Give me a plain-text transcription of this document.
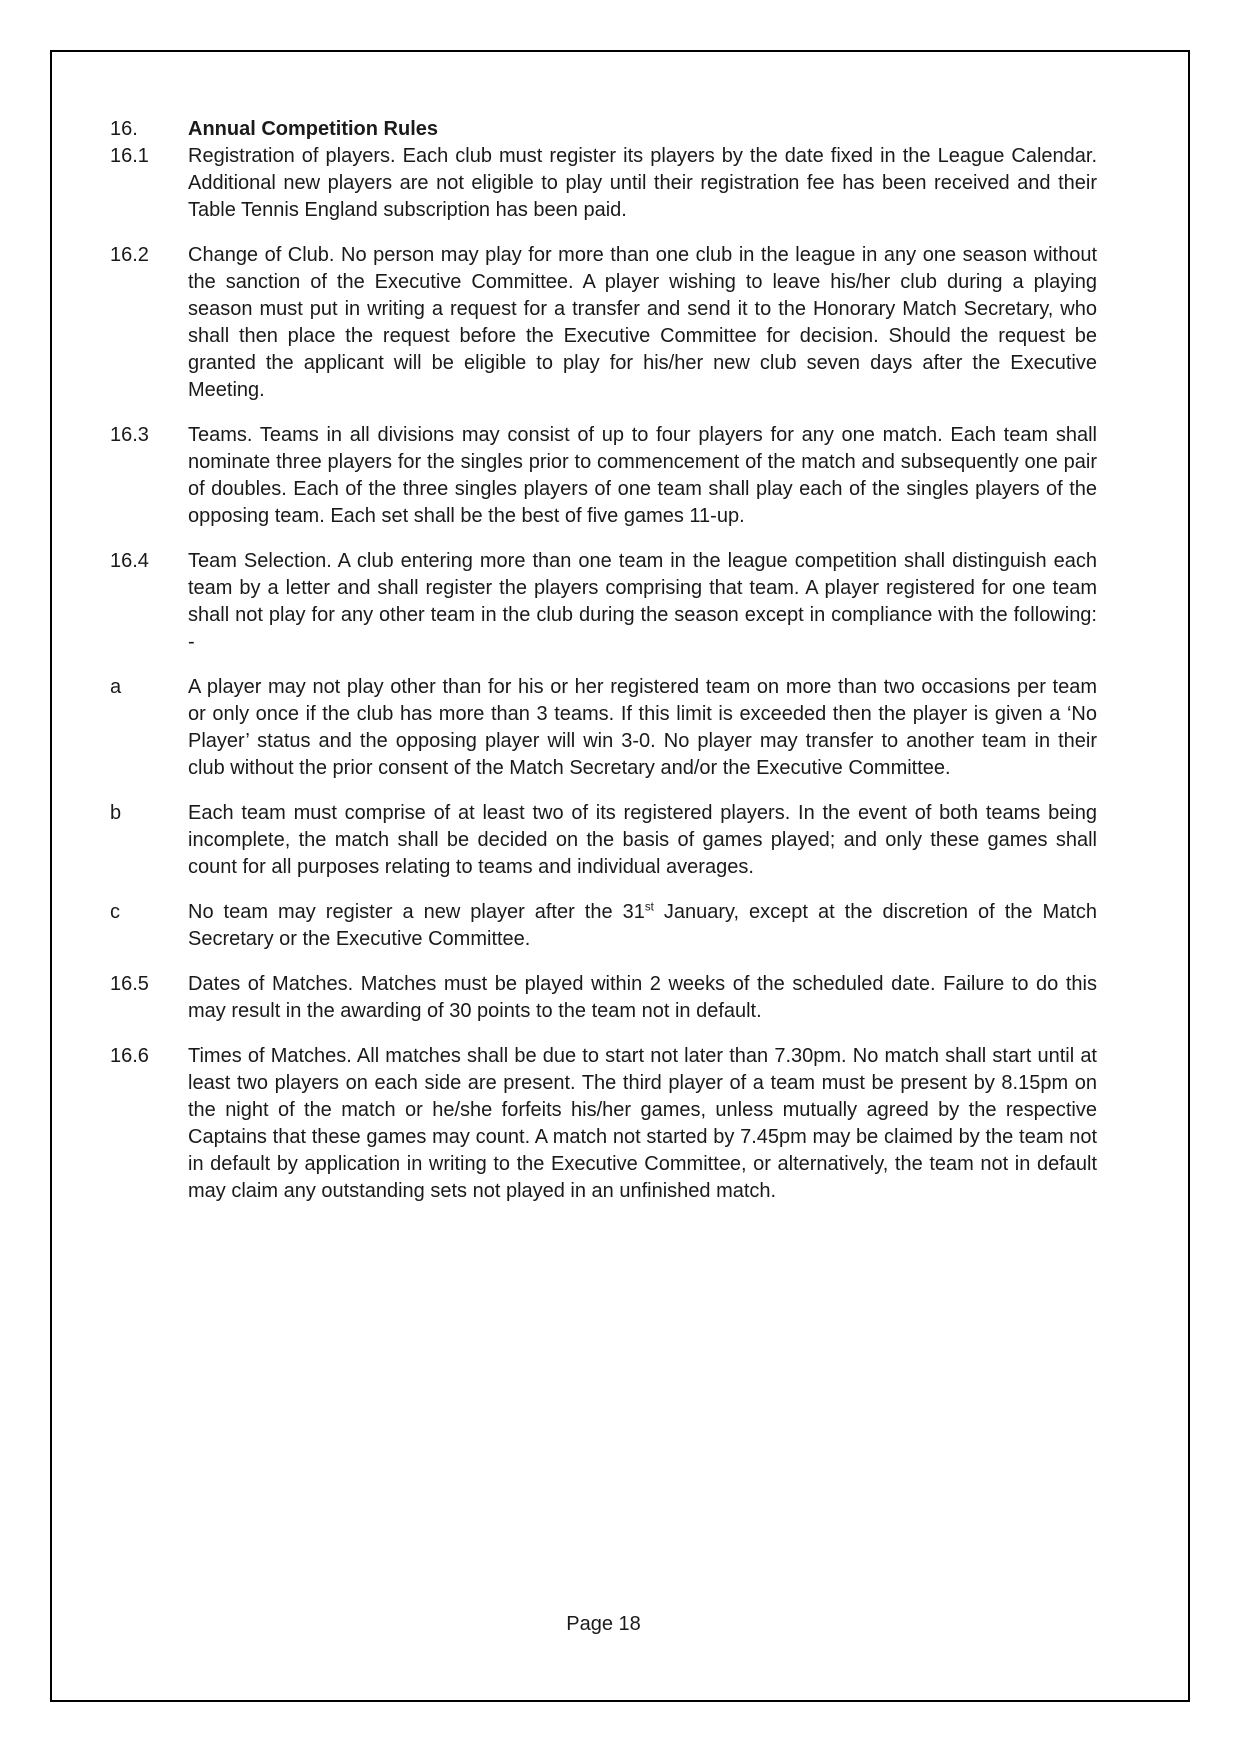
16.	Annual Competition Rules
16.1	Registration of players. Each club must register its players by the date fixed in the League Calendar. Additional new players are not eligible to play until their registration fee has been received and their Table Tennis England subscription has been paid.
16.2	Change of Club. No person may play for more than one club in the league in any one season without the sanction of the Executive Committee. A player wishing to leave his/her club during a playing season must put in writing a request for a transfer and send it to the Honorary Match Secretary, who shall then place the request before the Executive Committee for decision. Should the request be granted the applicant will be eligible to play for his/her new club seven days after the Executive Meeting.
16.3	Teams. Teams in all divisions may consist of up to four players for any one match. Each team shall nominate three players for the singles prior to commencement of the match and subsequently one pair of doubles. Each of the three singles players of one team shall play each of the singles players of the opposing team. Each set shall be the best of five games 11-up.
16.4	Team Selection. A club entering more than one team in the league competition shall distinguish each team by a letter and shall register the players comprising that team. A player registered for one team shall not play for any other team in the club during the season except in compliance with the following: -
a	A player may not play other than for his or her registered team on more than two occasions per team or only once if the club has more than 3 teams. If this limit is exceeded then the player is given a ‘No Player’ status and the opposing player will win 3-0. No player may transfer to another team in their club without the prior consent of the Match Secretary and/or the Executive Committee.
b	Each team must comprise of at least two of its registered players. In the event of both teams being incomplete, the match shall be decided on the basis of games played; and only these games shall count for all purposes relating to teams and individual averages.
c	No team may register a new player after the 31st January, except at the discretion of the Match Secretary or the Executive Committee.
16.5	Dates of Matches. Matches must be played within 2 weeks of the scheduled date. Failure to do this may result in the awarding of 30 points to the team not in default.
16.6	Times of Matches. All matches shall be due to start not later than 7.30pm. No match shall start until at least two players on each side are present. The third player of a team must be present by 8.15pm on the night of the match or he/she forfeits his/her games, unless mutually agreed by the respective Captains that these games may count. A match not started by 7.45pm may be claimed by the team not in default by application in writing to the Executive Committee, or alternatively, the team not in default may claim any outstanding sets not played in an unfinished match.
Page 18
